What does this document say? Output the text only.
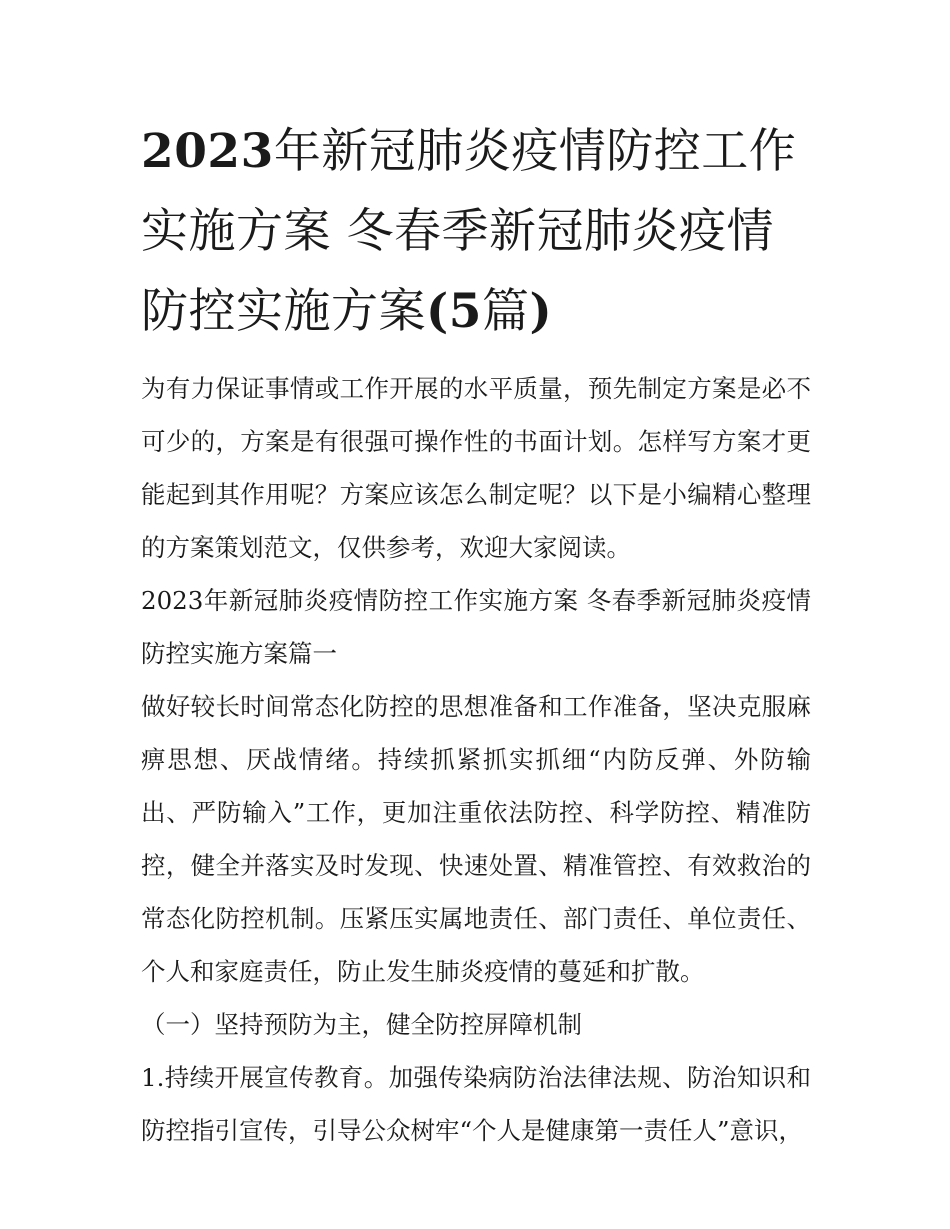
2023年新冠肺炎疫情防控工作实施方案 冬春季新冠肺炎疫情防控实施方案(5篇)

为有力保证事情或工作开展的水平质量，预先制定方案是必不可少的，方案是有很强可操作性的书面计划。怎样写方案才更能起到其作用呢？方案应该怎么制定呢？以下是小编精心整理的方案策划范文，仅供参考，欢迎大家阅读。

2023年新冠肺炎疫情防控工作实施方案 冬春季新冠肺炎疫情防控实施方案篇一

做好较长时间常态化防控的思想准备和工作准备，坚决克服麻痹思想、厌战情绪。持续抓紧抓实抓细“内防反弹、外防输出、严防输入”工作，更加注重依法防控、科学防控、精准防控，健全并落实及时发现、快速处置、精准管控、有效救治的常态化防控机制。压紧压实属地责任、部门责任、单位责任、个人和家庭责任，防止发生肺炎疫情的蔓延和扩散。

（一）坚持预防为主，健全防控屏障机制

1.持续开展宣传教育。加强传染病防治法律法规、防治知识和防控指引宣传，引导公众树牢“个人是健康第一责任人”意识，
